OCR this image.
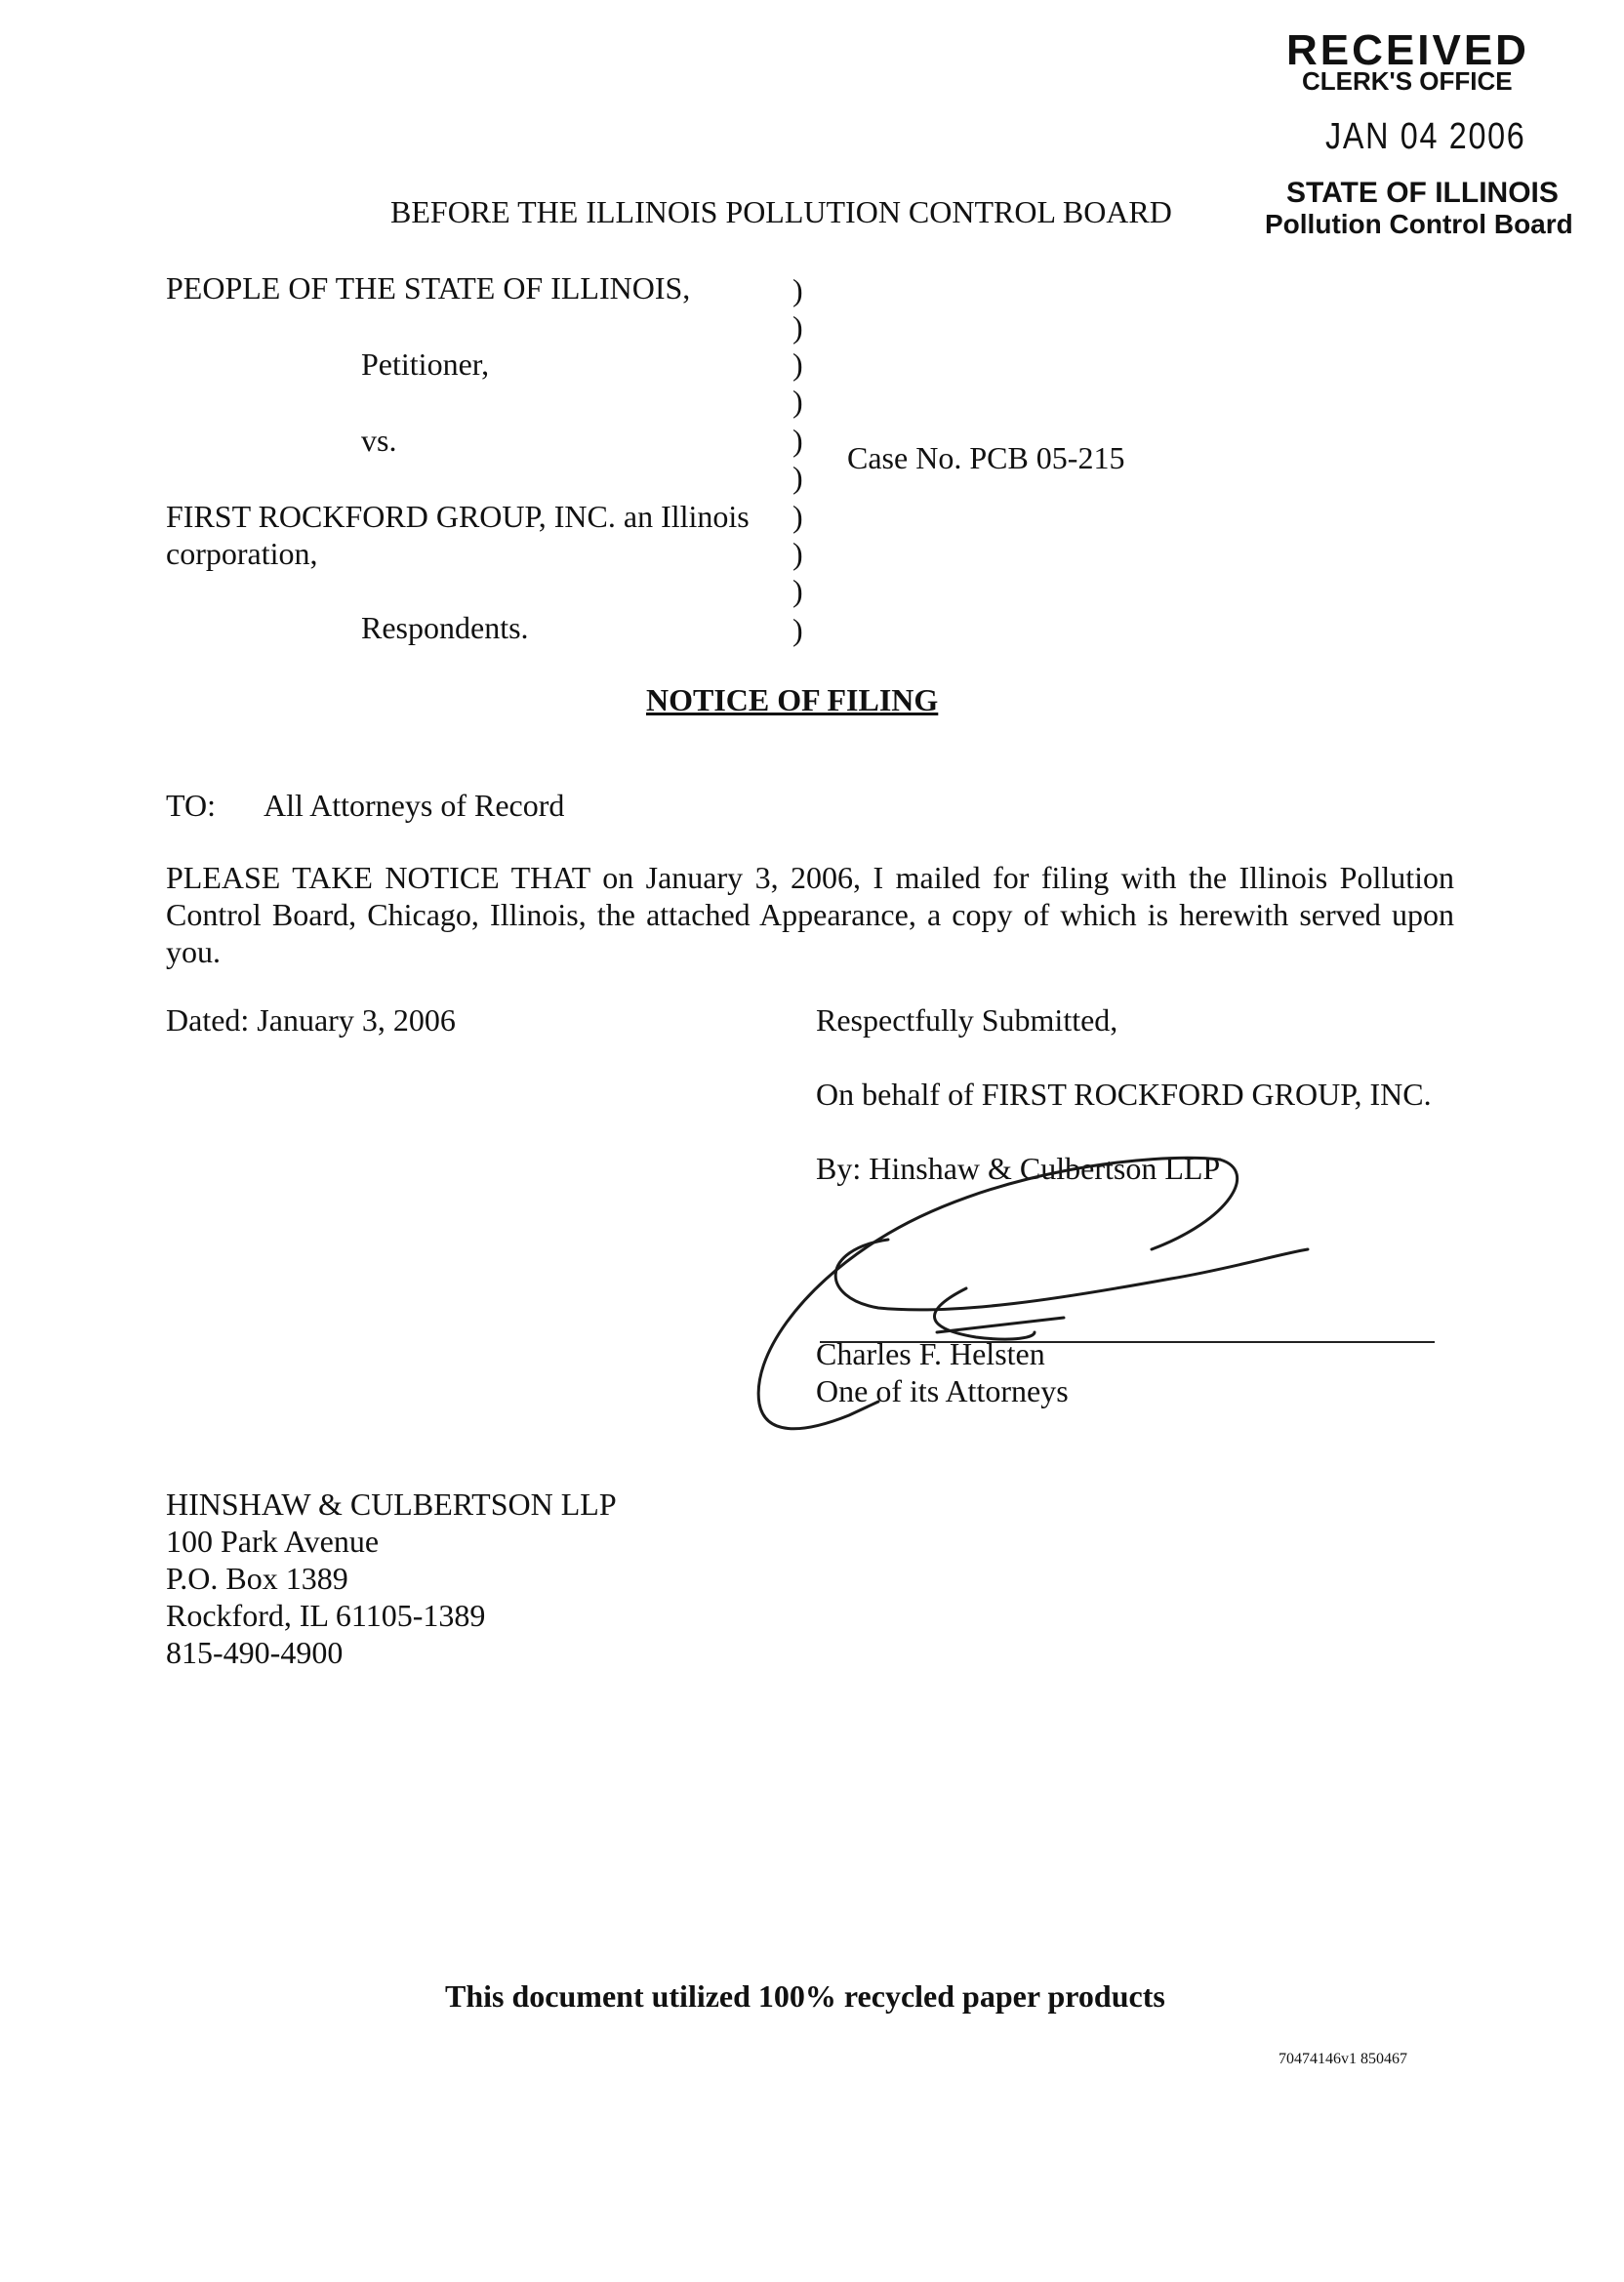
RECEIVED
CLERK'S OFFICE
JAN 04 2006
STATE OF ILLINOIS
Pollution Control Board
BEFORE THE ILLINOIS POLLUTION CONTROL BOARD
PEOPLE OF THE STATE OF ILLINOIS,
Petitioner,
vs.
FIRST ROCKFORD GROUP, INC. an Illinois
corporation,
Respondents.
)
)
)
)
)
)
)
)
)
)
Case No. PCB 05-215
NOTICE OF FILING
TO: All Attorneys of Record
PLEASE TAKE NOTICE THAT on January 3, 2006, I mailed for filing with the Illinois Pollution Control Board, Chicago, Illinois, the attached Appearance, a copy of which is herewith served upon you.
Dated: January 3, 2006	Respectfully Submitted,
On behalf of FIRST ROCKFORD GROUP, INC.
By: Hinshaw & Culbertson LLP
Charles F. Helsten
One of its Attorneys
HINSHAW & CULBERTSON LLP
100 Park Avenue
P.O. Box 1389
Rockford, IL 61105-1389
815-490-4900
This document utilized 100% recycled paper products
70474146v1 850467
